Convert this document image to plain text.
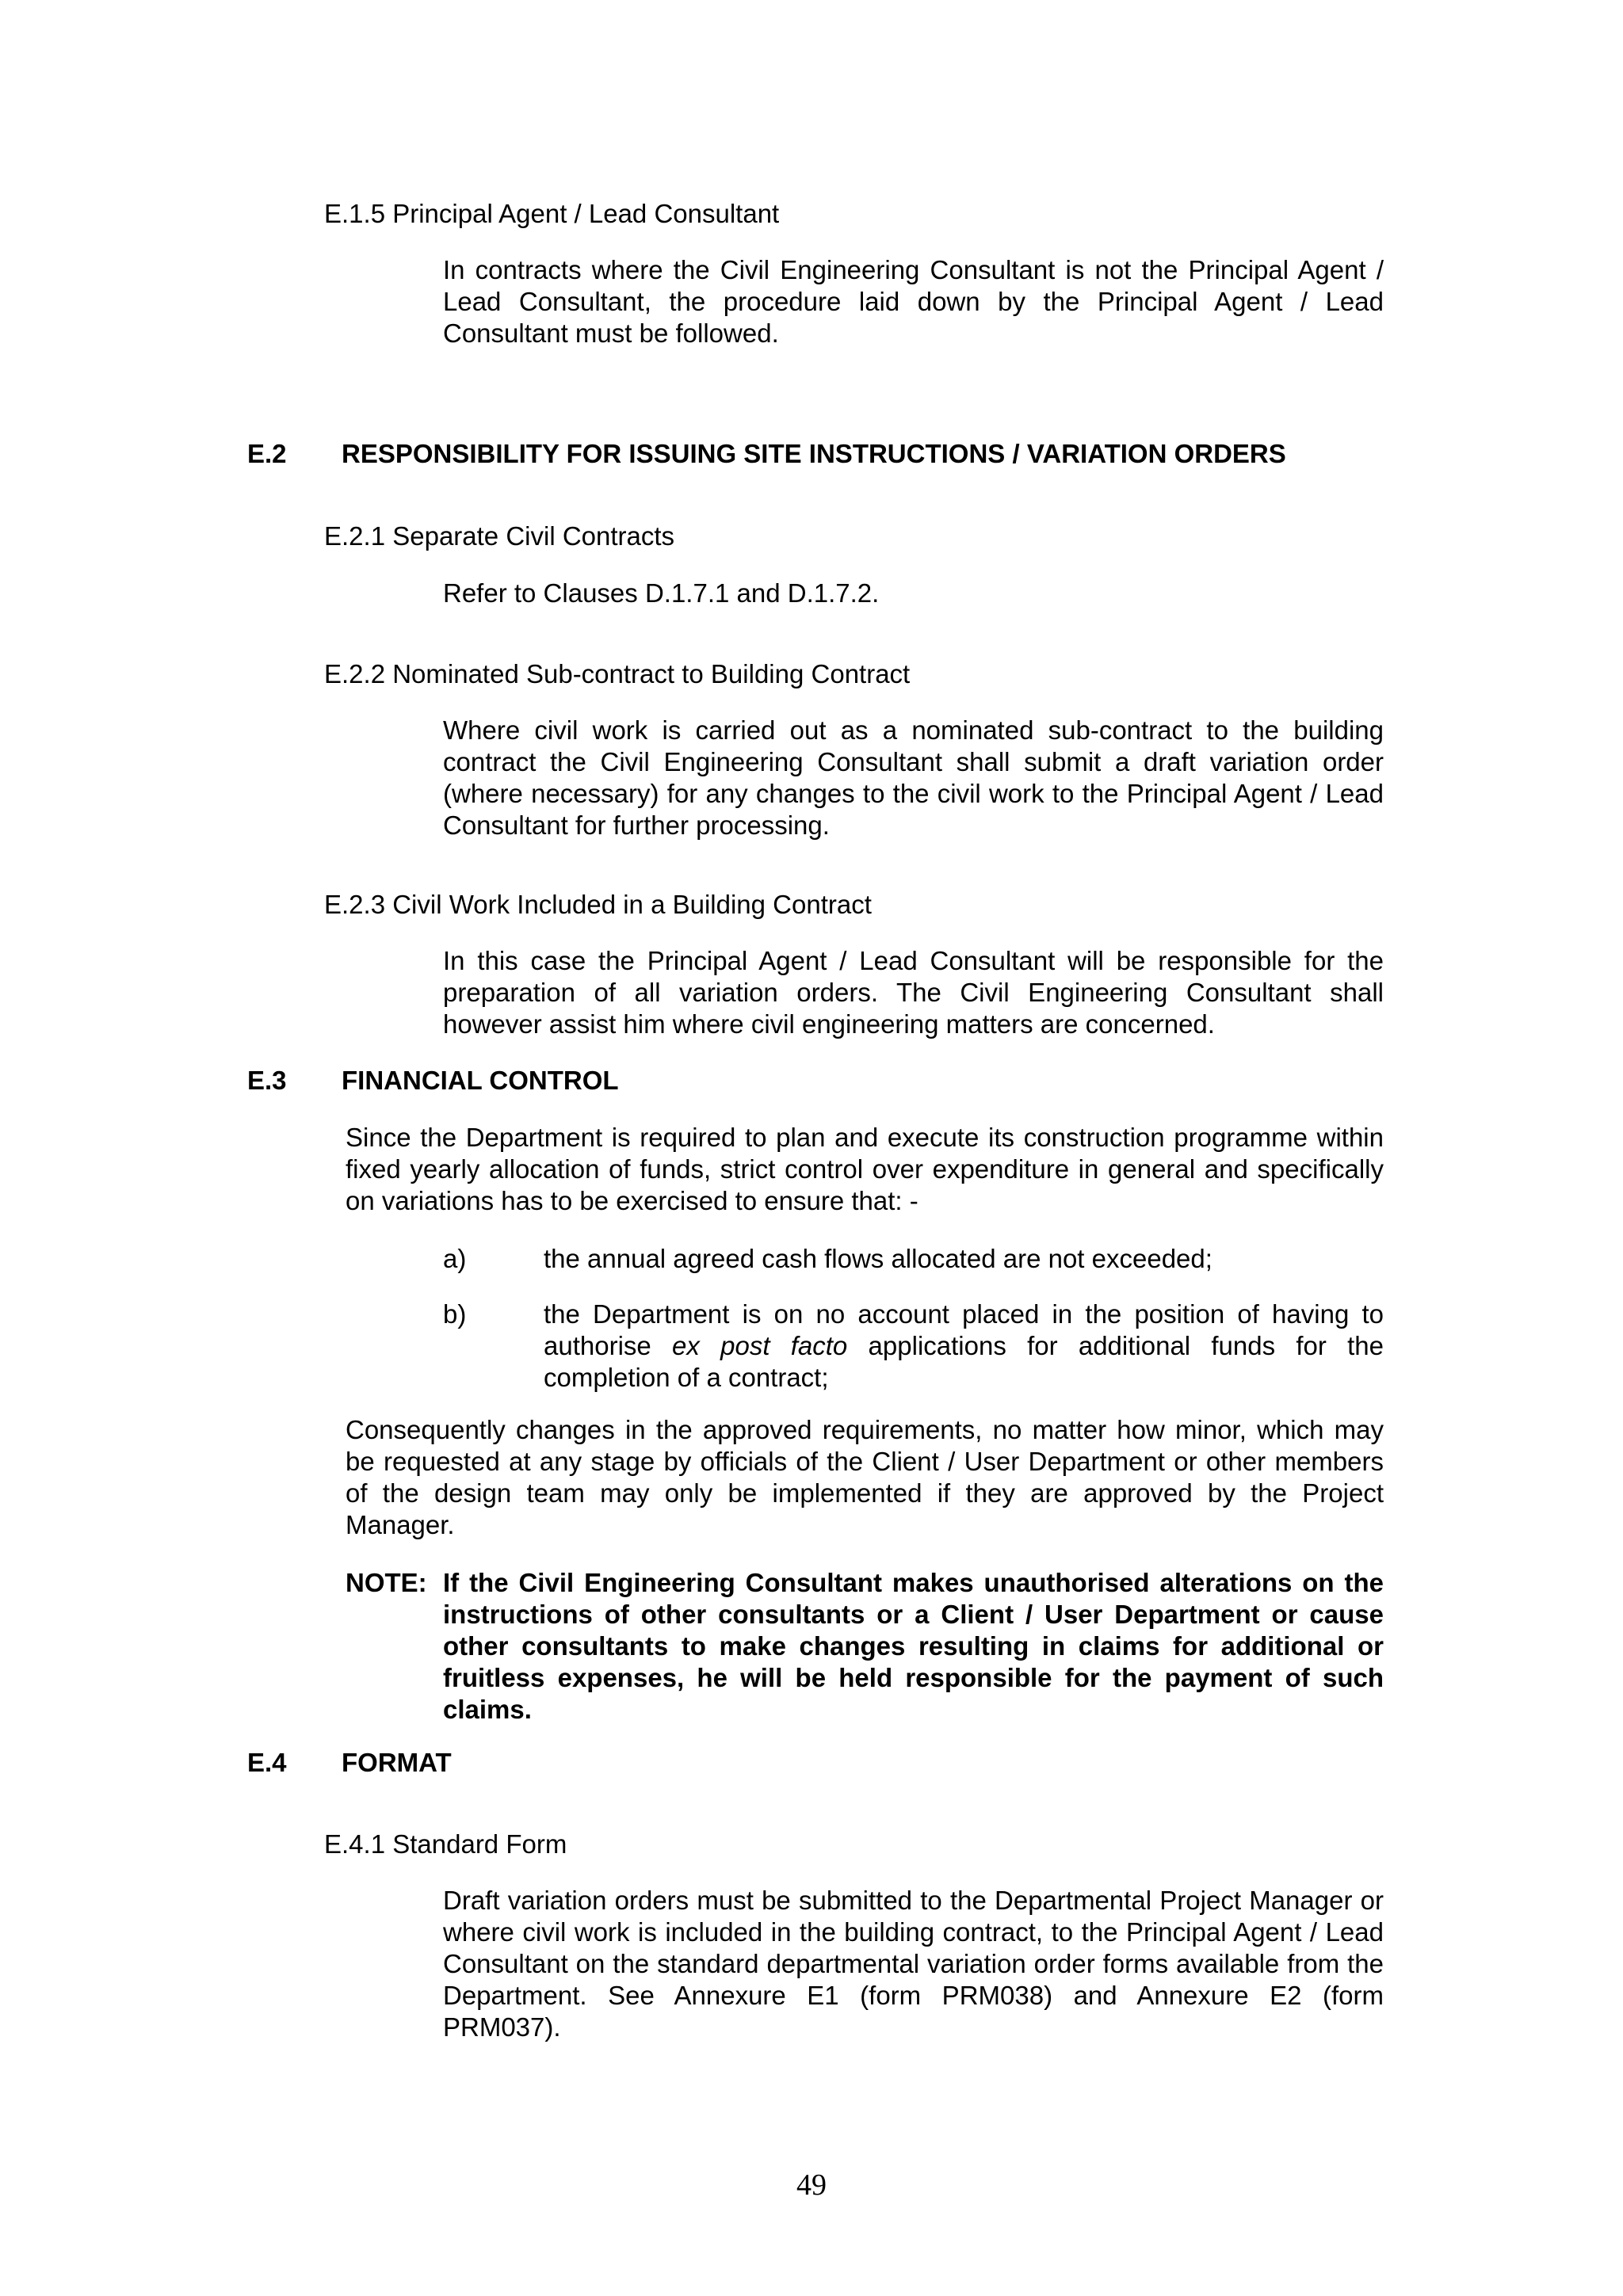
E.1.5 Principal Agent / Lead Consultant
In contracts where the Civil Engineering Consultant is not the Principal Agent / Lead Consultant, the procedure laid down by the Principal Agent / Lead Consultant must be followed.
E.2 RESPONSIBILITY FOR ISSUING SITE INSTRUCTIONS / VARIATION ORDERS
E.2.1 Separate Civil Contracts
Refer to Clauses D.1.7.1 and D.1.7.2.
E.2.2 Nominated Sub-contract to Building Contract
Where civil work is carried out as a nominated sub-contract to the building contract the Civil Engineering Consultant shall submit a draft variation order (where necessary) for any changes to the civil work to the Principal Agent / Lead Consultant for further processing.
E.2.3 Civil Work Included in a Building Contract
In this case the Principal Agent / Lead Consultant will be responsible for the preparation of all variation orders. The Civil Engineering Consultant shall however assist him where civil engineering matters are concerned.
E.3 FINANCIAL CONTROL
Since the Department is required to plan and execute its construction programme within fixed yearly allocation of funds, strict control over expenditure in general and specifically on variations has to be exercised to ensure that: -
a)	the annual agreed cash flows allocated are not exceeded;
b)	the Department is on no account placed in the position of having to authorise ex post facto applications for additional funds for the completion of a contract;
Consequently changes in the approved requirements, no matter how minor, which may be requested at any stage by officials of the Client / User Department or other members of the design team may only be implemented if they are approved by the Project Manager.
NOTE: If the Civil Engineering Consultant makes unauthorised alterations on the instructions of other consultants or a Client / User Department or cause other consultants to make changes resulting in claims for additional or fruitless expenses, he will be held responsible for the payment of such claims.
E.4 FORMAT
E.4.1 Standard Form
Draft variation orders must be submitted to the Departmental Project Manager or where civil work is included in the building contract, to the Principal Agent / Lead Consultant on the standard departmental variation order forms available from the Department. See Annexure E1 (form PRM038) and Annexure E2 (form PRM037).
49
